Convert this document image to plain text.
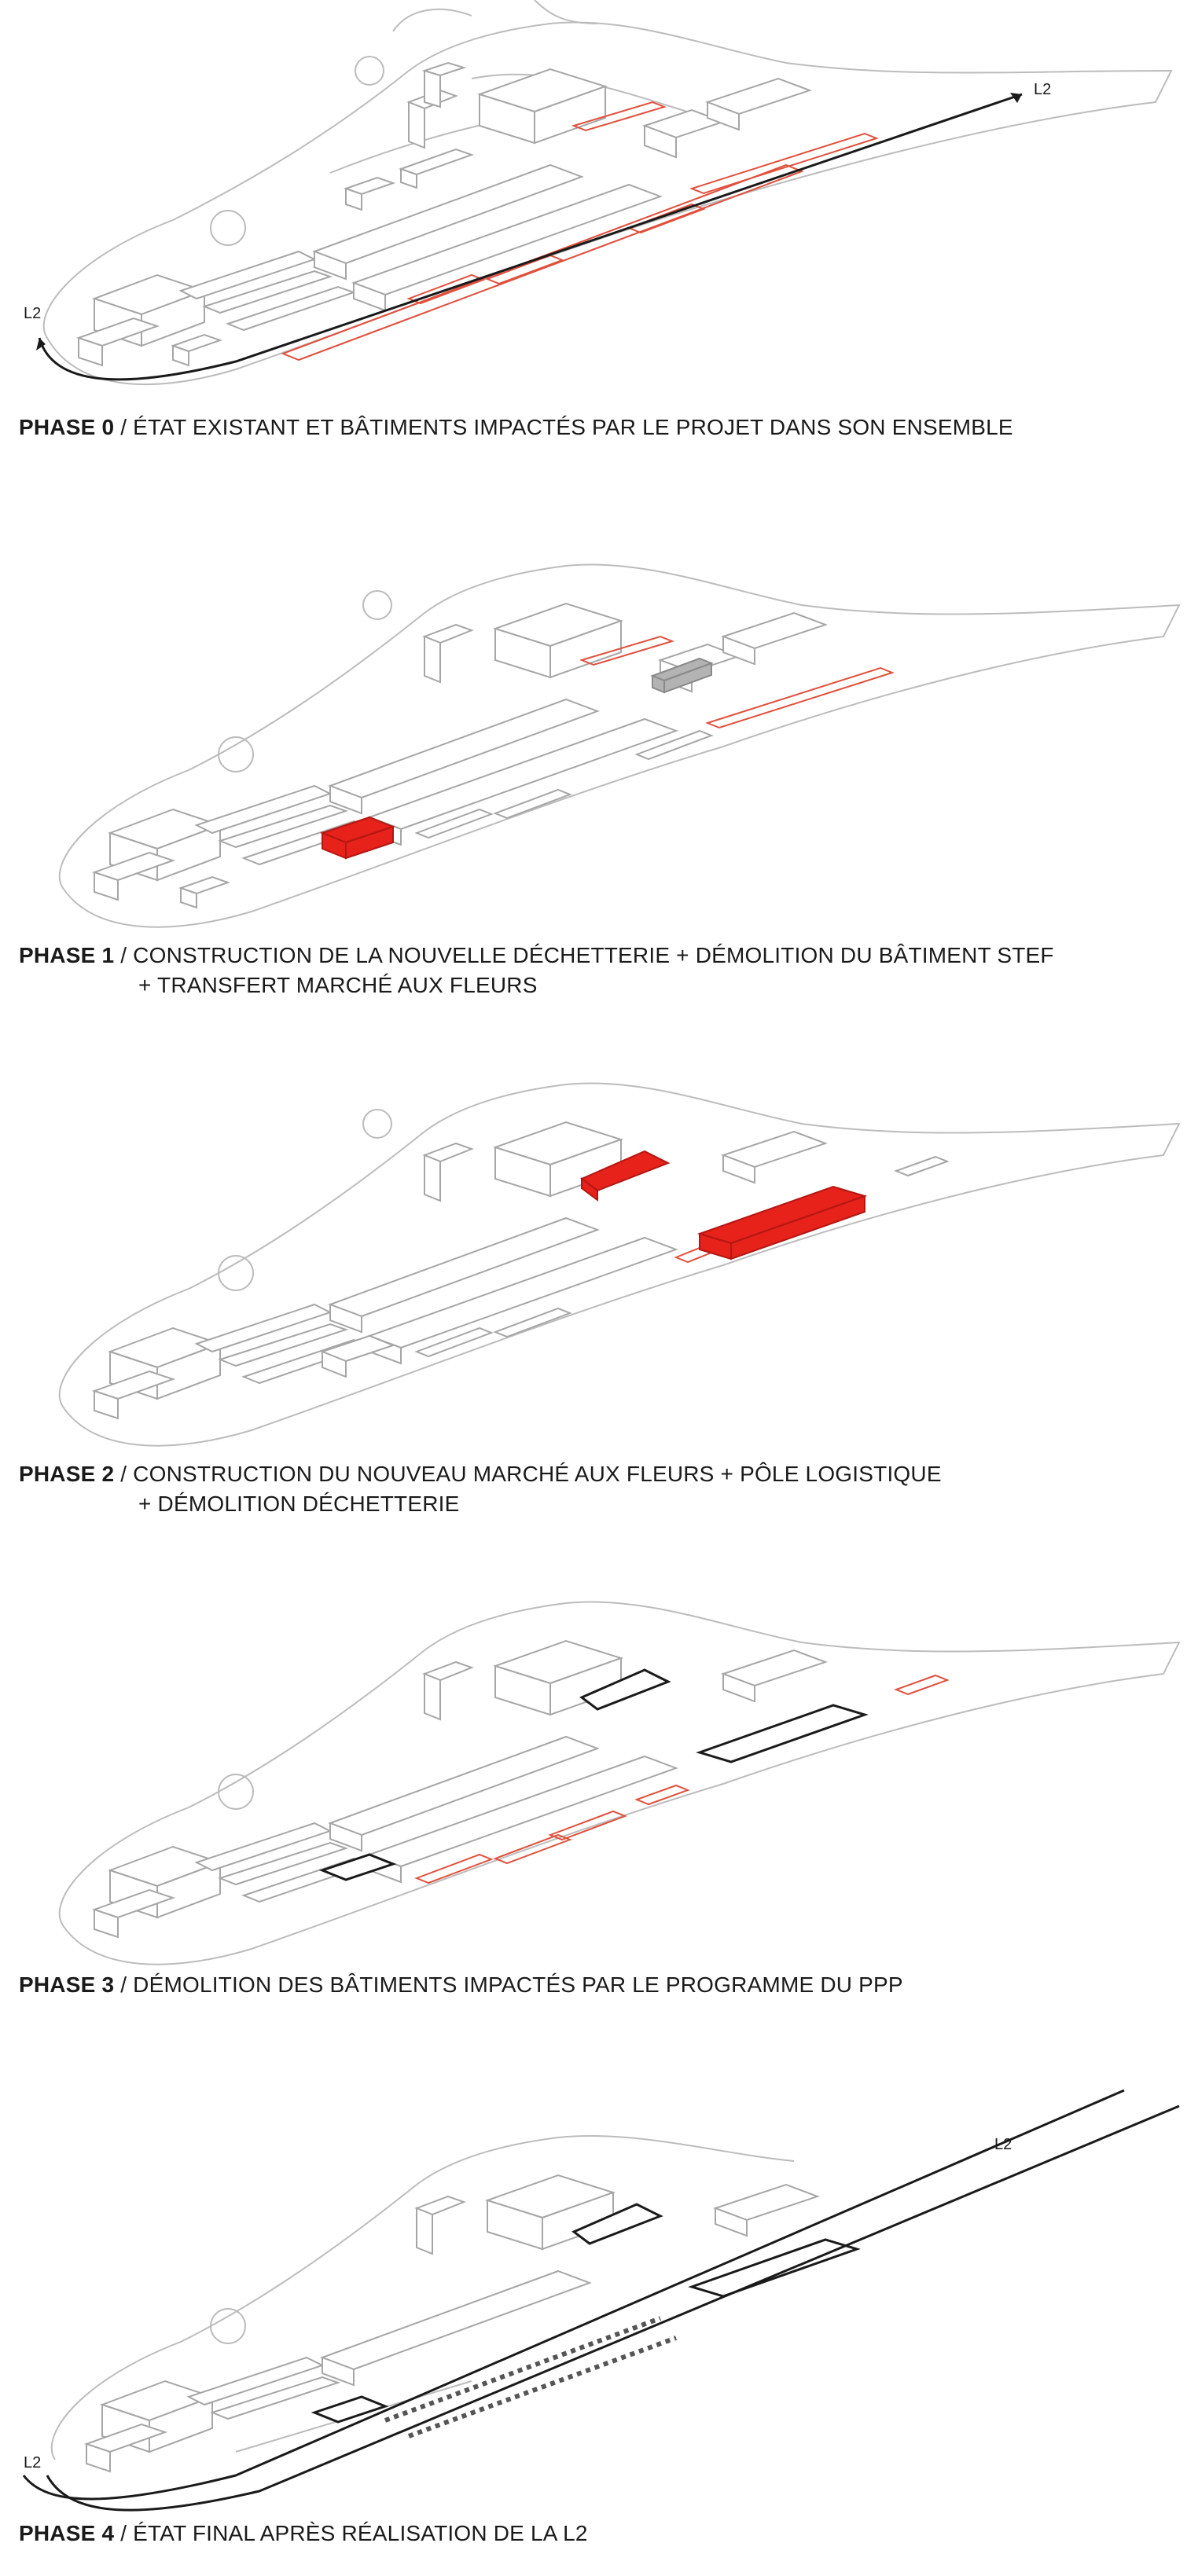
L2
L2
PHASE 0 / ÉTAT EXISTANT ET BÂTIMENTS IMPACTÉS PAR LE PROJET DANS SON ENSEMBLE
PHASE 1 / CONSTRUCTION DE LA NOUVELLE DÉCHETTERIE + DÉMOLITION DU BÂTIMENT STEF
+ TRANSFERT MARCHÉ AUX FLEURS
PHASE 2 / CONSTRUCTION DU NOUVEAU MARCHÉ AUX FLEURS + PÔLE LOGISTIQUE
+ DÉMOLITION DÉCHETTERIE
PHASE 3 / DÉMOLITION DES BÂTIMENTS IMPACTÉS PAR LE PROGRAMME DU PPP
L2
L2
PHASE 4 / ÉTAT FINAL APRÈS RÉALISATION DE LA L2
